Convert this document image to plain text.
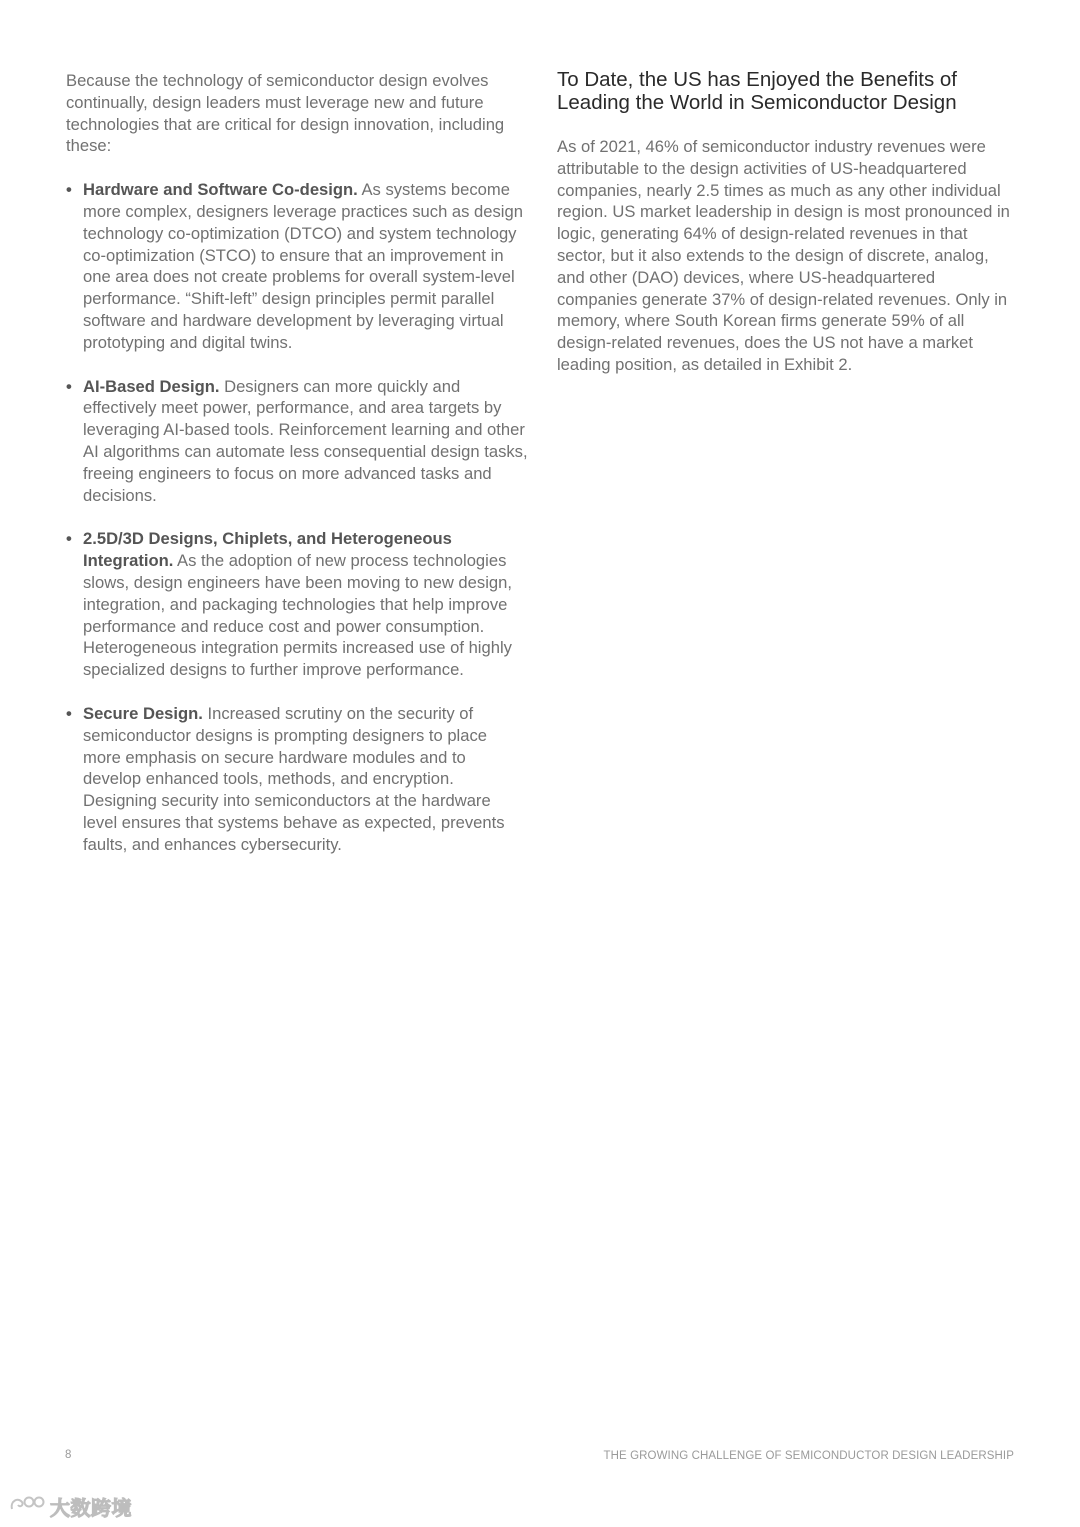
Because the technology of semiconductor design evolves continually, design leaders must leverage new and future technologies that are critical for design innovation, including these:

• Hardware and Software Co-design. As systems become more complex, designers leverage practices such as design technology co-optimization (DTCO) and system technology co-optimization (STCO) to ensure that an improvement in one area does not create problems for overall system-level performance. “Shift-left” design principles permit parallel software and hardware development by leveraging virtual prototyping and digital twins.
• AI-Based Design. Designers can more quickly and effectively meet power, performance, and area targets by leveraging AI-based tools. Reinforcement learning and other AI algorithms can automate less consequential design tasks, freeing engineers to focus on more advanced tasks and decisions.
• 2.5D/3D Designs, Chiplets, and Heterogeneous Integration. As the adoption of new process technologies slows, design engineers have been moving to new design, integration, and packaging technologies that help improve performance and reduce cost and power consumption. Heterogeneous integration permits increased use of highly specialized designs to further improve performance.
• Secure Design. Increased scrutiny on the security of semiconductor designs is prompting designers to place more emphasis on secure hardware modules and to develop enhanced tools, methods, and encryption. Designing security into semiconductors at the hardware level ensures that systems behave as expected, prevents faults, and enhances cybersecurity.
To Date, the US has Enjoyed the Benefits of
Leading the World in Semiconductor Design

As of 2021, 46% of semiconductor industry revenues were attributable to the design activities of US-headquartered companies, nearly 2.5 times as much as any other individual region. US market leadership in design is most pronounced in logic, generating 64% of design-related revenues in that sector, but it also extends to the design of discrete, analog, and other (DAO) devices, where US-headquartered companies generate 37% of design-related revenues. Only in memory, where South Korean firms generate 59% of all design-related revenues, does the US not have a market leading position, as detailed in Exhibit 2.

8	THE GROWING CHALLENGE OF SEMICONDUCTOR DESIGN LEADERSHIP
大数跨境
